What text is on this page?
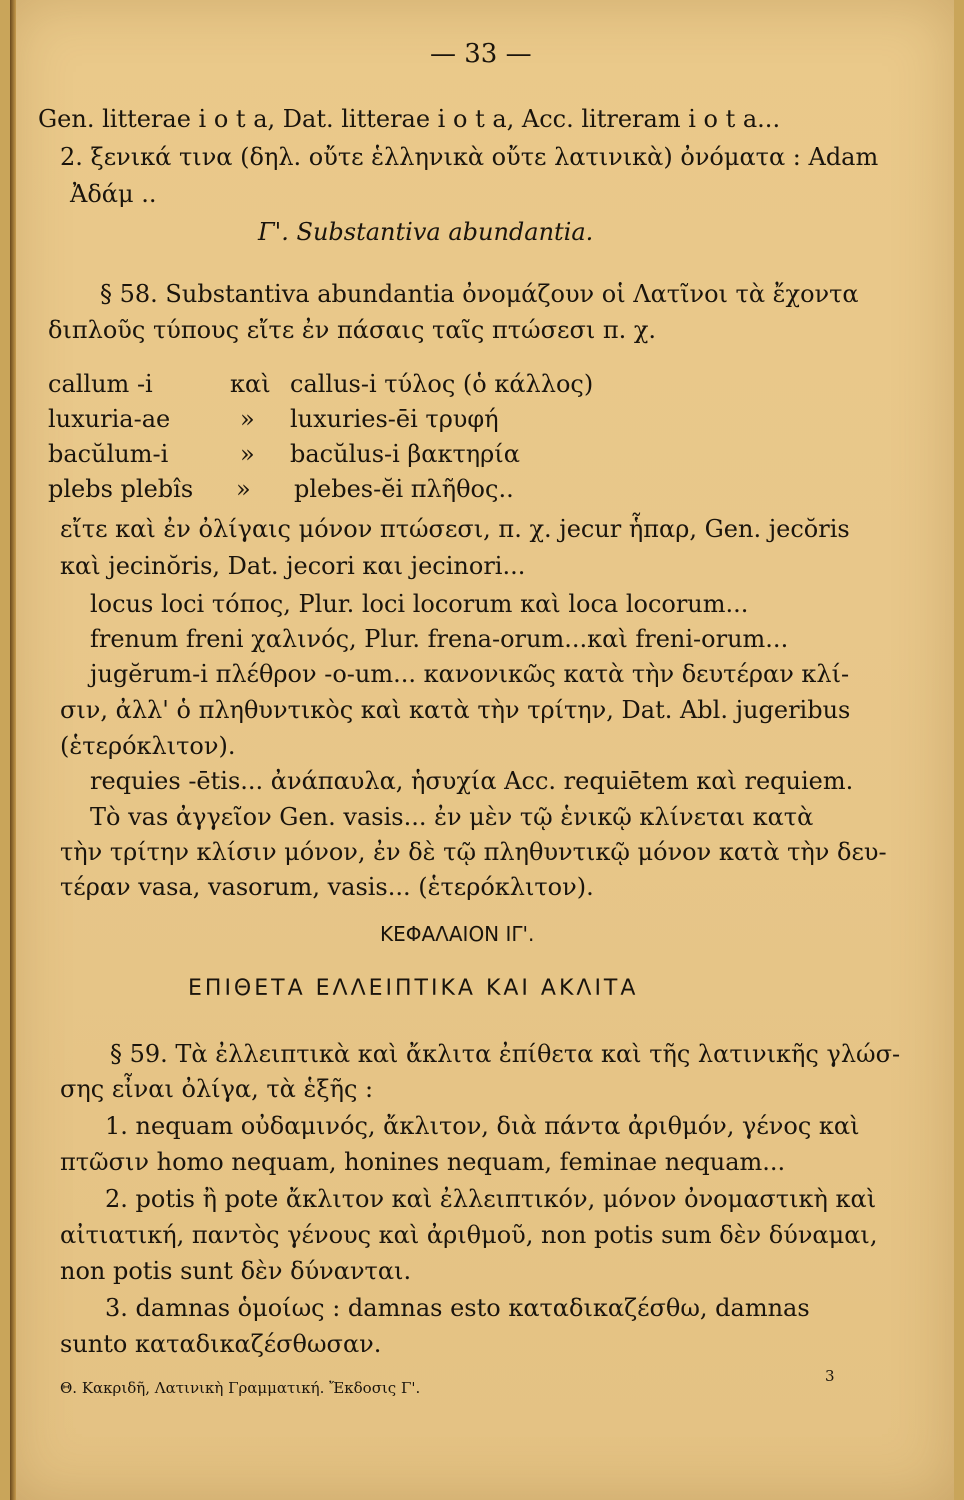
— 33 —
Gen. litterae i o t a, Dat. litterae i o t a, Acc. litreram i o t a...
2. ξενικά τινα (δηλ. οὔτε ἑλληνικὰ οὔτε λατινικὰ) ὀνόματα : Adam
Ἀδάμ ..
Γ'. Substantiva abundantia.
§ 58. Substantiva abundantia ὀνομάζουν οἱ Λατῖνοι τὰ ἔχοντα
διπλοῦς τύπους εἴτε ἐν πάσαις ταῖς πτώσεσι π. χ.
callum -i	καὶ callus-i τύλος (ὁ κάλλος)
luxuria-ae	» luxuries-ēi τρυφή
bacŭlum-i	» bacŭlus-i βακτηρία
plebs plebîs » plebes-ĕi πλῆθος..
εἴτε καὶ ἐν ὀλίγαις μόνον πτώσεσι, π. χ. jecur ἧπαρ, Gen. jecŏris
καὶ jecinŏris, Dat. jecori και jecinori...
locus loci τόπος, Plur. loci locorum καὶ loca locorum...
frenum freni χαλινός, Plur. frena-orum...καὶ freni-orum...
jugĕrum-i πλέθρον -o-um... κανονικῶς κατὰ τὴν δευτέραν κλί-
σιν, ἀλλ' ὁ πληθυντικὸς καὶ κατὰ τὴν τρίτην, Dat. Abl. jugeribus
(ἑτερόκλιτον).
requies -ētis... ἀνάπαυλα, ἡσυχία Acc. requiētem καὶ requiem.
Τὸ vas ἀγγεῖον Gen. vasis... ἐν μὲν τῷ ἑνικῷ κλίνεται κατὰ
τὴν τρίτην κλίσιν μόνον, ἐν δὲ τῷ πληθυντικῷ μόνον κατὰ τὴν δευ-
τέραν vasa, vasorum, vasis... (ἑτερόκλιτον).
ΚΕΦΑΛΑΙΟΝ ΙΓ'.
ΕΠΙΘΕΤΑ ΕΛΛΕΙΠΤΙΚΑ ΚΑΙ ΑΚΛΙΤΑ
§ 59. Τὰ ἐλλειπτικὰ καὶ ἄκλιτα ἐπίθετα καὶ τῆς λατινικῆς γλώσ-
σης εἶναι ὀλίγα, τὰ ἑξῆς :
1. nequam οὐδαμινός, ἄκλιτον, διὰ πάντα ἀριθμόν, γένος καὶ
πτῶσιν homo nequam, honines nequam, feminae nequam...
2. potis ἢ pote ἄκλιτον καὶ ἐλλειπτικόν, μόνον ὀνομαστικὴ καὶ
αἰτιατική, παντὸς γένους καὶ ἀριθμοῦ, non potis sum δὲν δύναμαι,
non potis sunt δὲν δύνανται.
3. damnas ὁμοίως : damnas esto καταδικαζέσθω, damnas
sunto καταδικαζέσθωσαν.
Θ. Κακριδῆ, Λατινικὴ Γραμματική. Ἔκδοσις Γ'.
3
